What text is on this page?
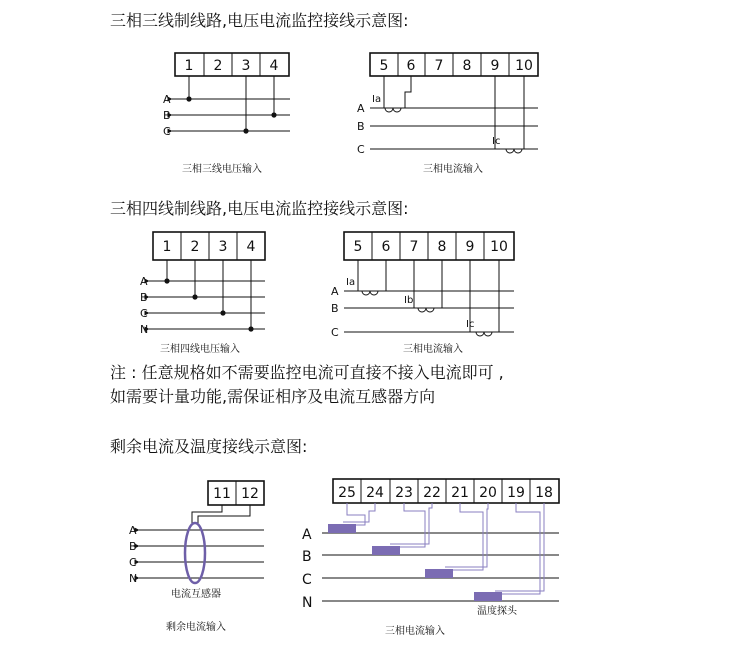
三相三线制线路,电压电流监控接线示意图:
三相四线制线路,电压电流监控接线示意图:
注 : 任意规格如不需要监控电流可直接不接入电流即可 ,
如需要计量功能,需保证相序及电流互感器方向
剩余电流及温度接线示意图:
1 2 3 4
A
B
C
三相三线电压输入
5 6 7 8 9 10
A
B
C
Ia
Ic
三相电流输入
1 2 3 4
A
B
C
N
三相四线电压输入
5 6 7 8 9 10
A
B
C
Ia
Ib
Ic
三相电流输入
11 12
A
B
C
N
电流互感器
剩余电流输入
25 24 23 22 21 20 19 18
A
B
C
N
温度探头
三相电流输入
